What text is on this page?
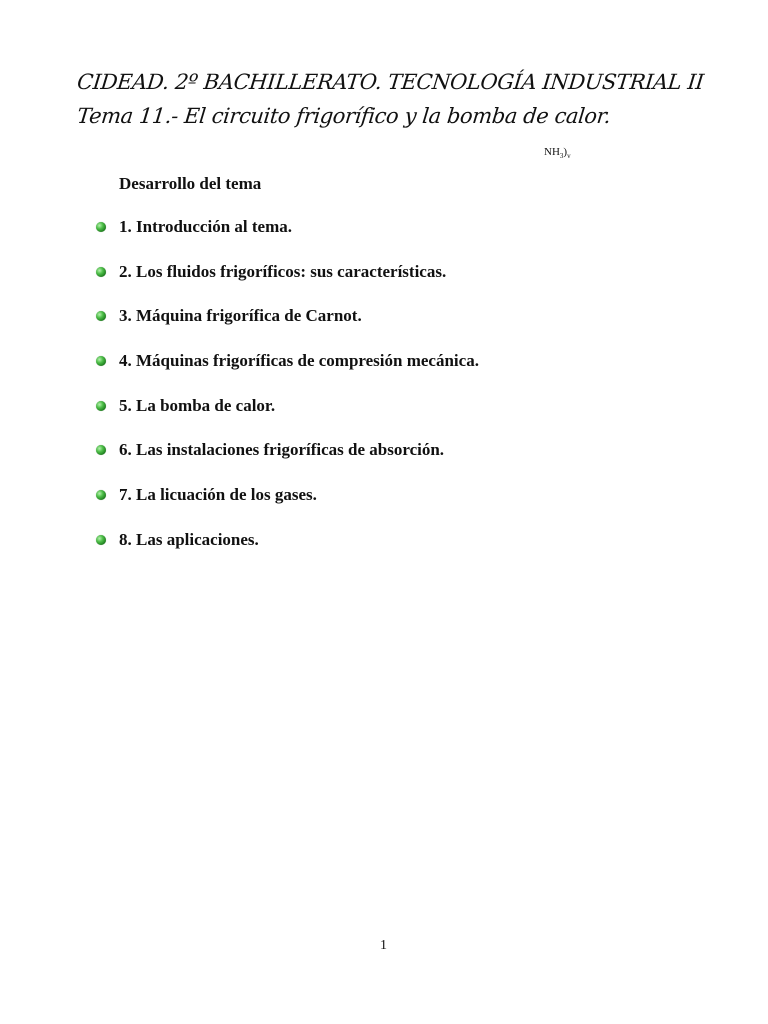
CIDEAD. 2º BACHILLERATO. TECNOLOGÍA INDUSTRIAL II
Tema 11.- El circuito frigorífico y la bomba de calor.
$NH_3)_v$
Desarrollo del tema
1. Introducción al tema.
2. Los fluidos frigoríficos: sus características.
3. Máquina frigorífica de Carnot.
4. Máquinas frigoríficas de compresión mecánica.
5. La bomba de calor.
6. Las instalaciones frigoríficas de absorción.
7. La licuación de los gases.
8. Las aplicaciones.
1
